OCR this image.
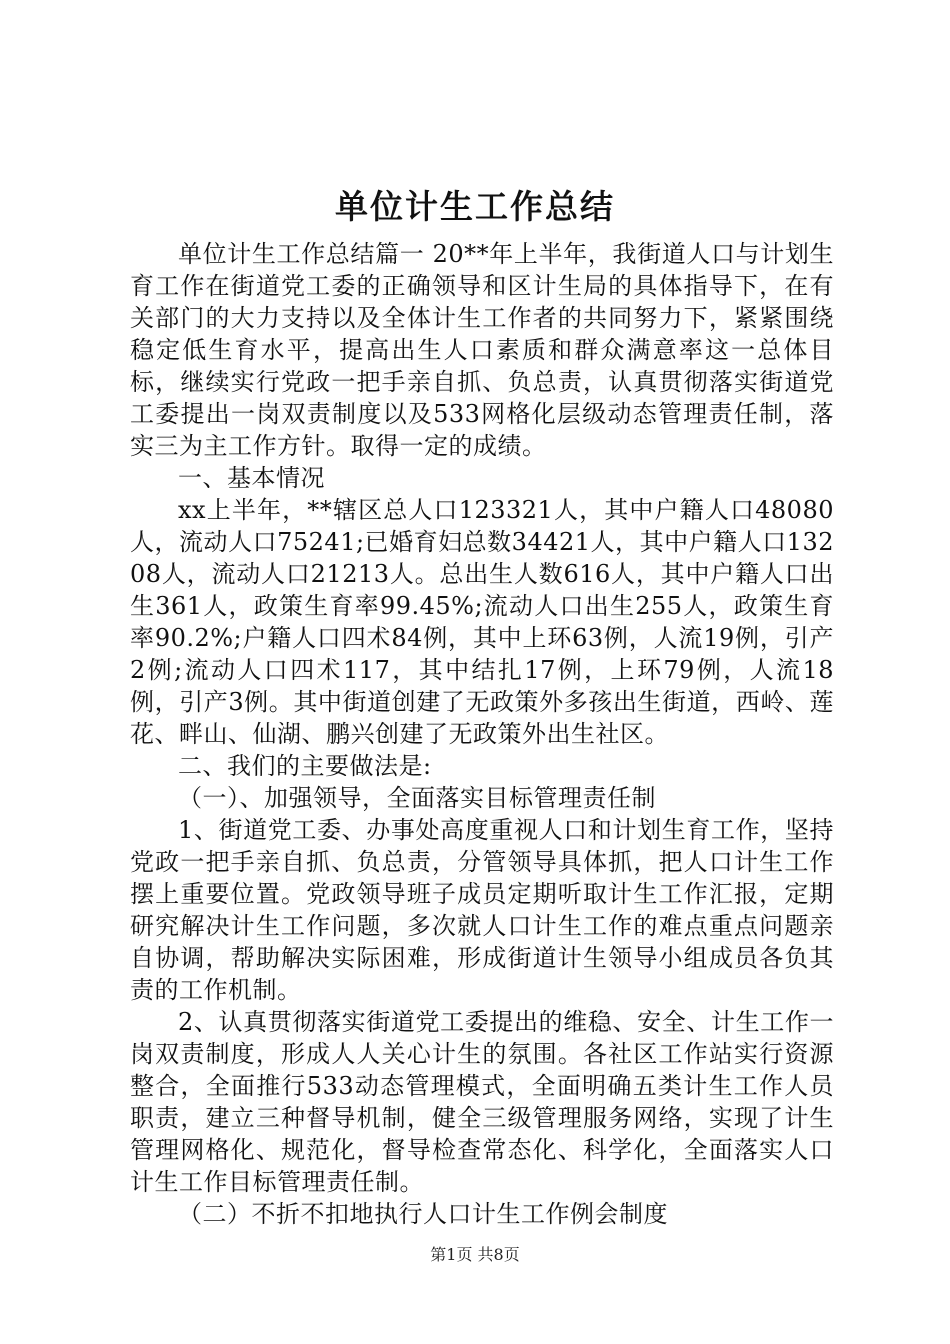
单位计生工作总结

单位计生工作总结篇一 20**年上半年，我街道人口与计划生育工作在街道党工委的正确领导和区计生局的具体指导下，在有关部门的大力支持以及全体计生工作者的共同努力下，紧紧围绕稳定低生育水平，提高出生人口素质和群众满意率这一总体目标，继续实行党政一把手亲自抓、负总责，认真贯彻落实街道党工委提出一岗双责制度以及533网格化层级动态管理责任制，落实三为主工作方针。取得一定的成绩。

一、基本情况

xx上半年，**辖区总人口123321人，其中户籍人口48080人，流动人口75241;已婚育妇总数34421人，其中户籍人口13208人，流动人口21213人。总出生人数616人，其中户籍人口出生361人，政策生育率99.45%;流动人口出生255人，政策生育率90.2%;户籍人口四术84例，其中上环63例，人流19例，引产2例;流动人口四术117，其中结扎17例，上环79例，人流18例，引产3例。其中街道创建了无政策外多孩出生街道，西岭、莲花、畔山、仙湖、鹏兴创建了无政策外出生社区。

二、我们的主要做法是:

（一）、加强领导，全面落实目标管理责任制

1、街道党工委、办事处高度重视人口和计划生育工作，坚持党政一把手亲自抓、负总责，分管领导具体抓，把人口计生工作摆上重要位置。党政领导班子成员定期听取计生工作汇报，定期研究解决计生工作问题，多次就人口计生工作的难点重点问题亲自协调，帮助解决实际困难，形成街道计生领导小组成员各负其责的工作机制。

2、认真贯彻落实街道党工委提出的维稳、安全、计生工作一岗双责制度，形成人人关心计生的氛围。各社区工作站实行资源整合，全面推行533动态管理模式，全面明确五类计生工作人员职责，建立三种督导机制，健全三级管理服务网络，实现了计生管理网格化、规范化，督导检查常态化、科学化，全面落实人口计生工作目标管理责任制。

（二）不折不扣地执行人口计生工作例会制度

第1页 共8页
